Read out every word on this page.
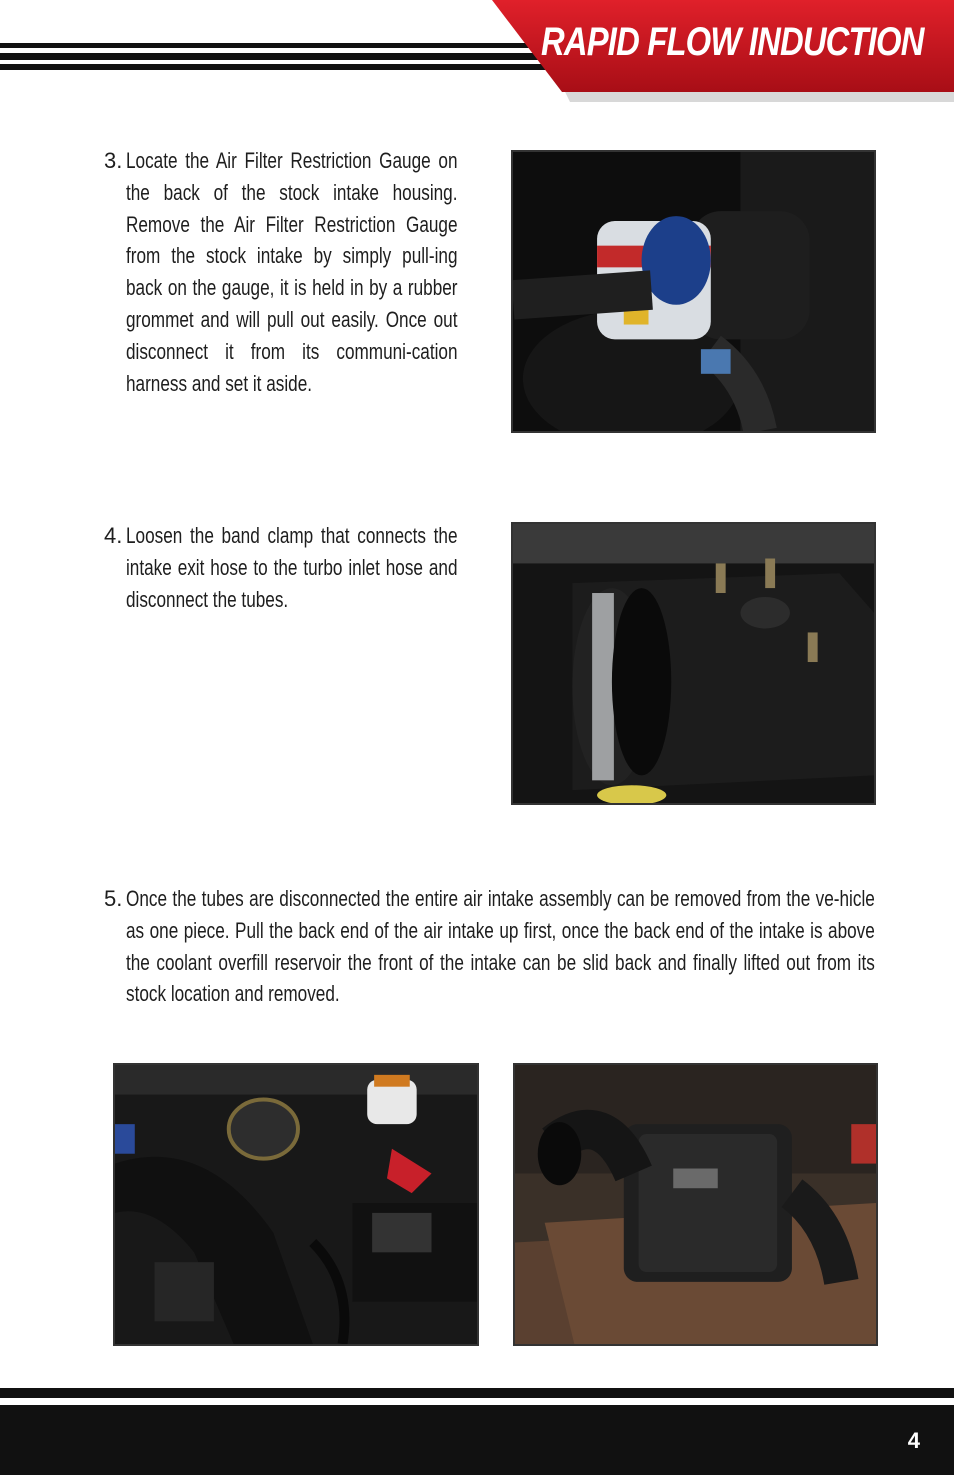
RAPID FLOW INDUCTION
3. Locate the Air Filter Restriction Gauge on the back of the stock intake housing. Remove the Air Filter Restriction Gauge from the stock intake by simply pull-ing back on the gauge, it is held in by a rubber grommet and will pull out easily. Once out disconnect it from its communi-cation harness and set it aside.
4. Loosen the band clamp that connects the intake exit hose to the turbo inlet hose and disconnect the tubes.
5. Once the tubes are disconnected the entire air intake assembly can be removed from the ve-hicle as one piece. Pull the back end of the air intake up first, once the back end of the intake is above the coolant overfill reservoir the front of the intake can be slid back and finally lifted out from its stock location and removed.
4
